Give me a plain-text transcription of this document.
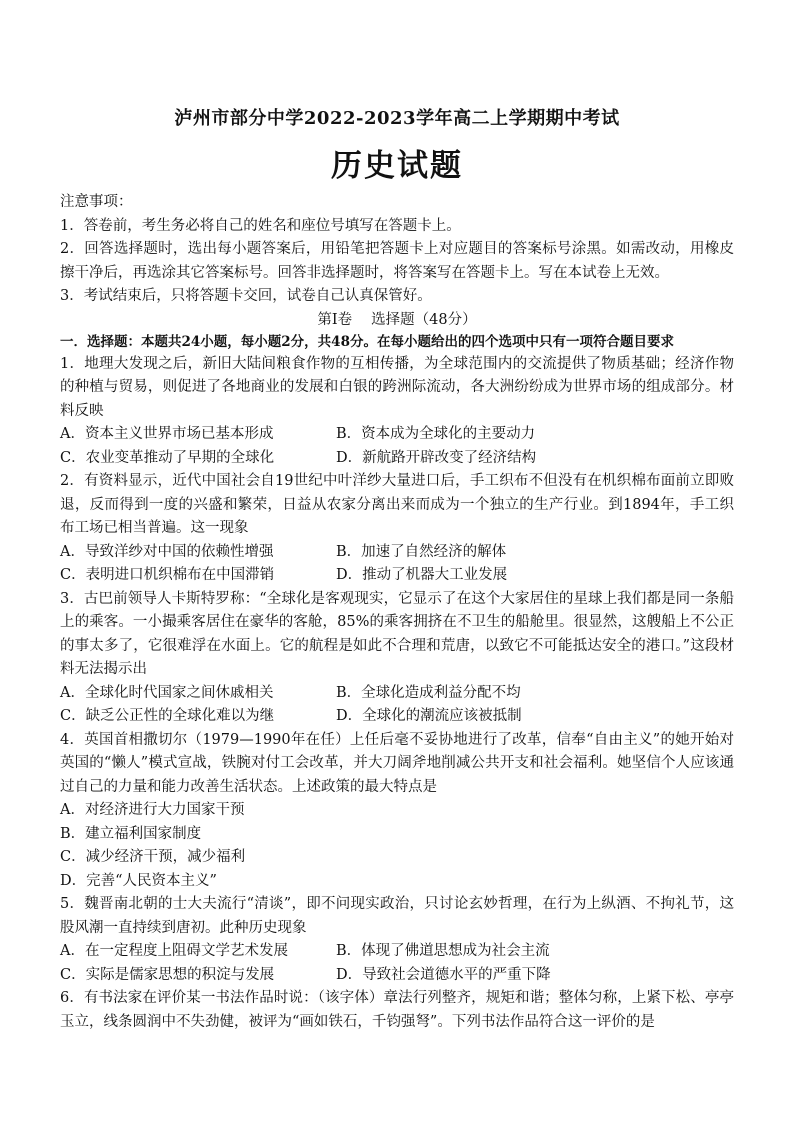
泸州市部分中学2022-2023学年高二上学期期中考试
历史试题

注意事项：

1．答卷前，考生务必将自己的姓名和座位号填写在答题卡上。

2．回答选择题时，选出每小题答案后，用铅笔把答题卡上对应题目的答案标号涂黑。如需改动，用橡皮擦干净后，再选涂其它答案标号。回答非选择题时，将答案写在答题卡上。写在本试卷上无效。

3．考试结束后，只将答题卡交回，试卷自己认真保管好。

第Ⅰ卷　 选择题（48分）

一．选择题：本题共24小题，每小题2分，共48分。在每小题给出的四个选项中只有一项符合题目要求

1．地理大发现之后，新旧大陆间粮食作物的互相传播，为全球范围内的交流提供了物质基础；经济作物的种植与贸易，则促进了各地商业的发展和白银的跨洲际流动，各大洲纷纷成为世界市场的组成部分。材料反映

A．资本主义世界市场已基本形成	B．资本成为全球化的主要动力
C．农业变革推动了早期的全球化	D．新航路开辟改变了经济结构

2．有资料显示，近代中国社会自19世纪中叶洋纱大量进口后，手工织布不但没有在机织棉布面前立即败退，反而得到一度的兴盛和繁荣，日益从农家分离出来而成为一个独立的生产行业。到1894年，手工织布工场已相当普遍。这一现象

A．导致洋纱对中国的依赖性增强	B．加速了自然经济的解体
C．表明进口机织棉布在中国滞销	D．推动了机器大工业发展

3．古巴前领导人卡斯特罗称：“全球化是客观现实，它显示了在这个大家居住的星球上我们都是同一条船上的乘客。一小撮乘客居住在豪华的客舱，85%的乘客拥挤在不卫生的船舱里。很显然，这艘船上不公正的事太多了，它很难浮在水面上。它的航程是如此不合理和荒唐，以致它不可能抵达安全的港口。”这段材料无法揭示出

A．全球化时代国家之间休戚相关	B．全球化造成利益分配不均
C．缺乏公正性的全球化难以为继	D．全球化的潮流应该被抵制

4．英国首相撒切尔（1979—1990年在任）上任后毫不妥协地进行了改革，信奉“自由主义”的她开始对英国的“懒人”模式宣战，铁腕对付工会改革，并大刀阔斧地削减公共开支和社会福利。她坚信个人应该通过自己的力量和能力改善生活状态。上述政策的最大特点是

A．对经济进行大力国家干预
B．建立福利国家制度
C．减少经济干预，减少福利
D．完善“人民资本主义”

5．魏晋南北朝的士大夫流行“清谈”，即不问现实政治，只讨论玄妙哲理，在行为上纵酒、不拘礼节，这股风潮一直持续到唐初。此种历史现象

A．在一定程度上阻碍文学艺术发展	B．体现了佛道思想成为社会主流
C．实际是儒家思想的积淀与发展	D．导致社会道德水平的严重下降

6．有书法家在评价某一书法作品时说：（该字体）章法行列整齐，规矩和谐；整体匀称，上紧下松、亭亭玉立，线条圆润中不失劲健，被评为“画如铁石，千钧强弩”。下列书法作品符合这一评价的是
